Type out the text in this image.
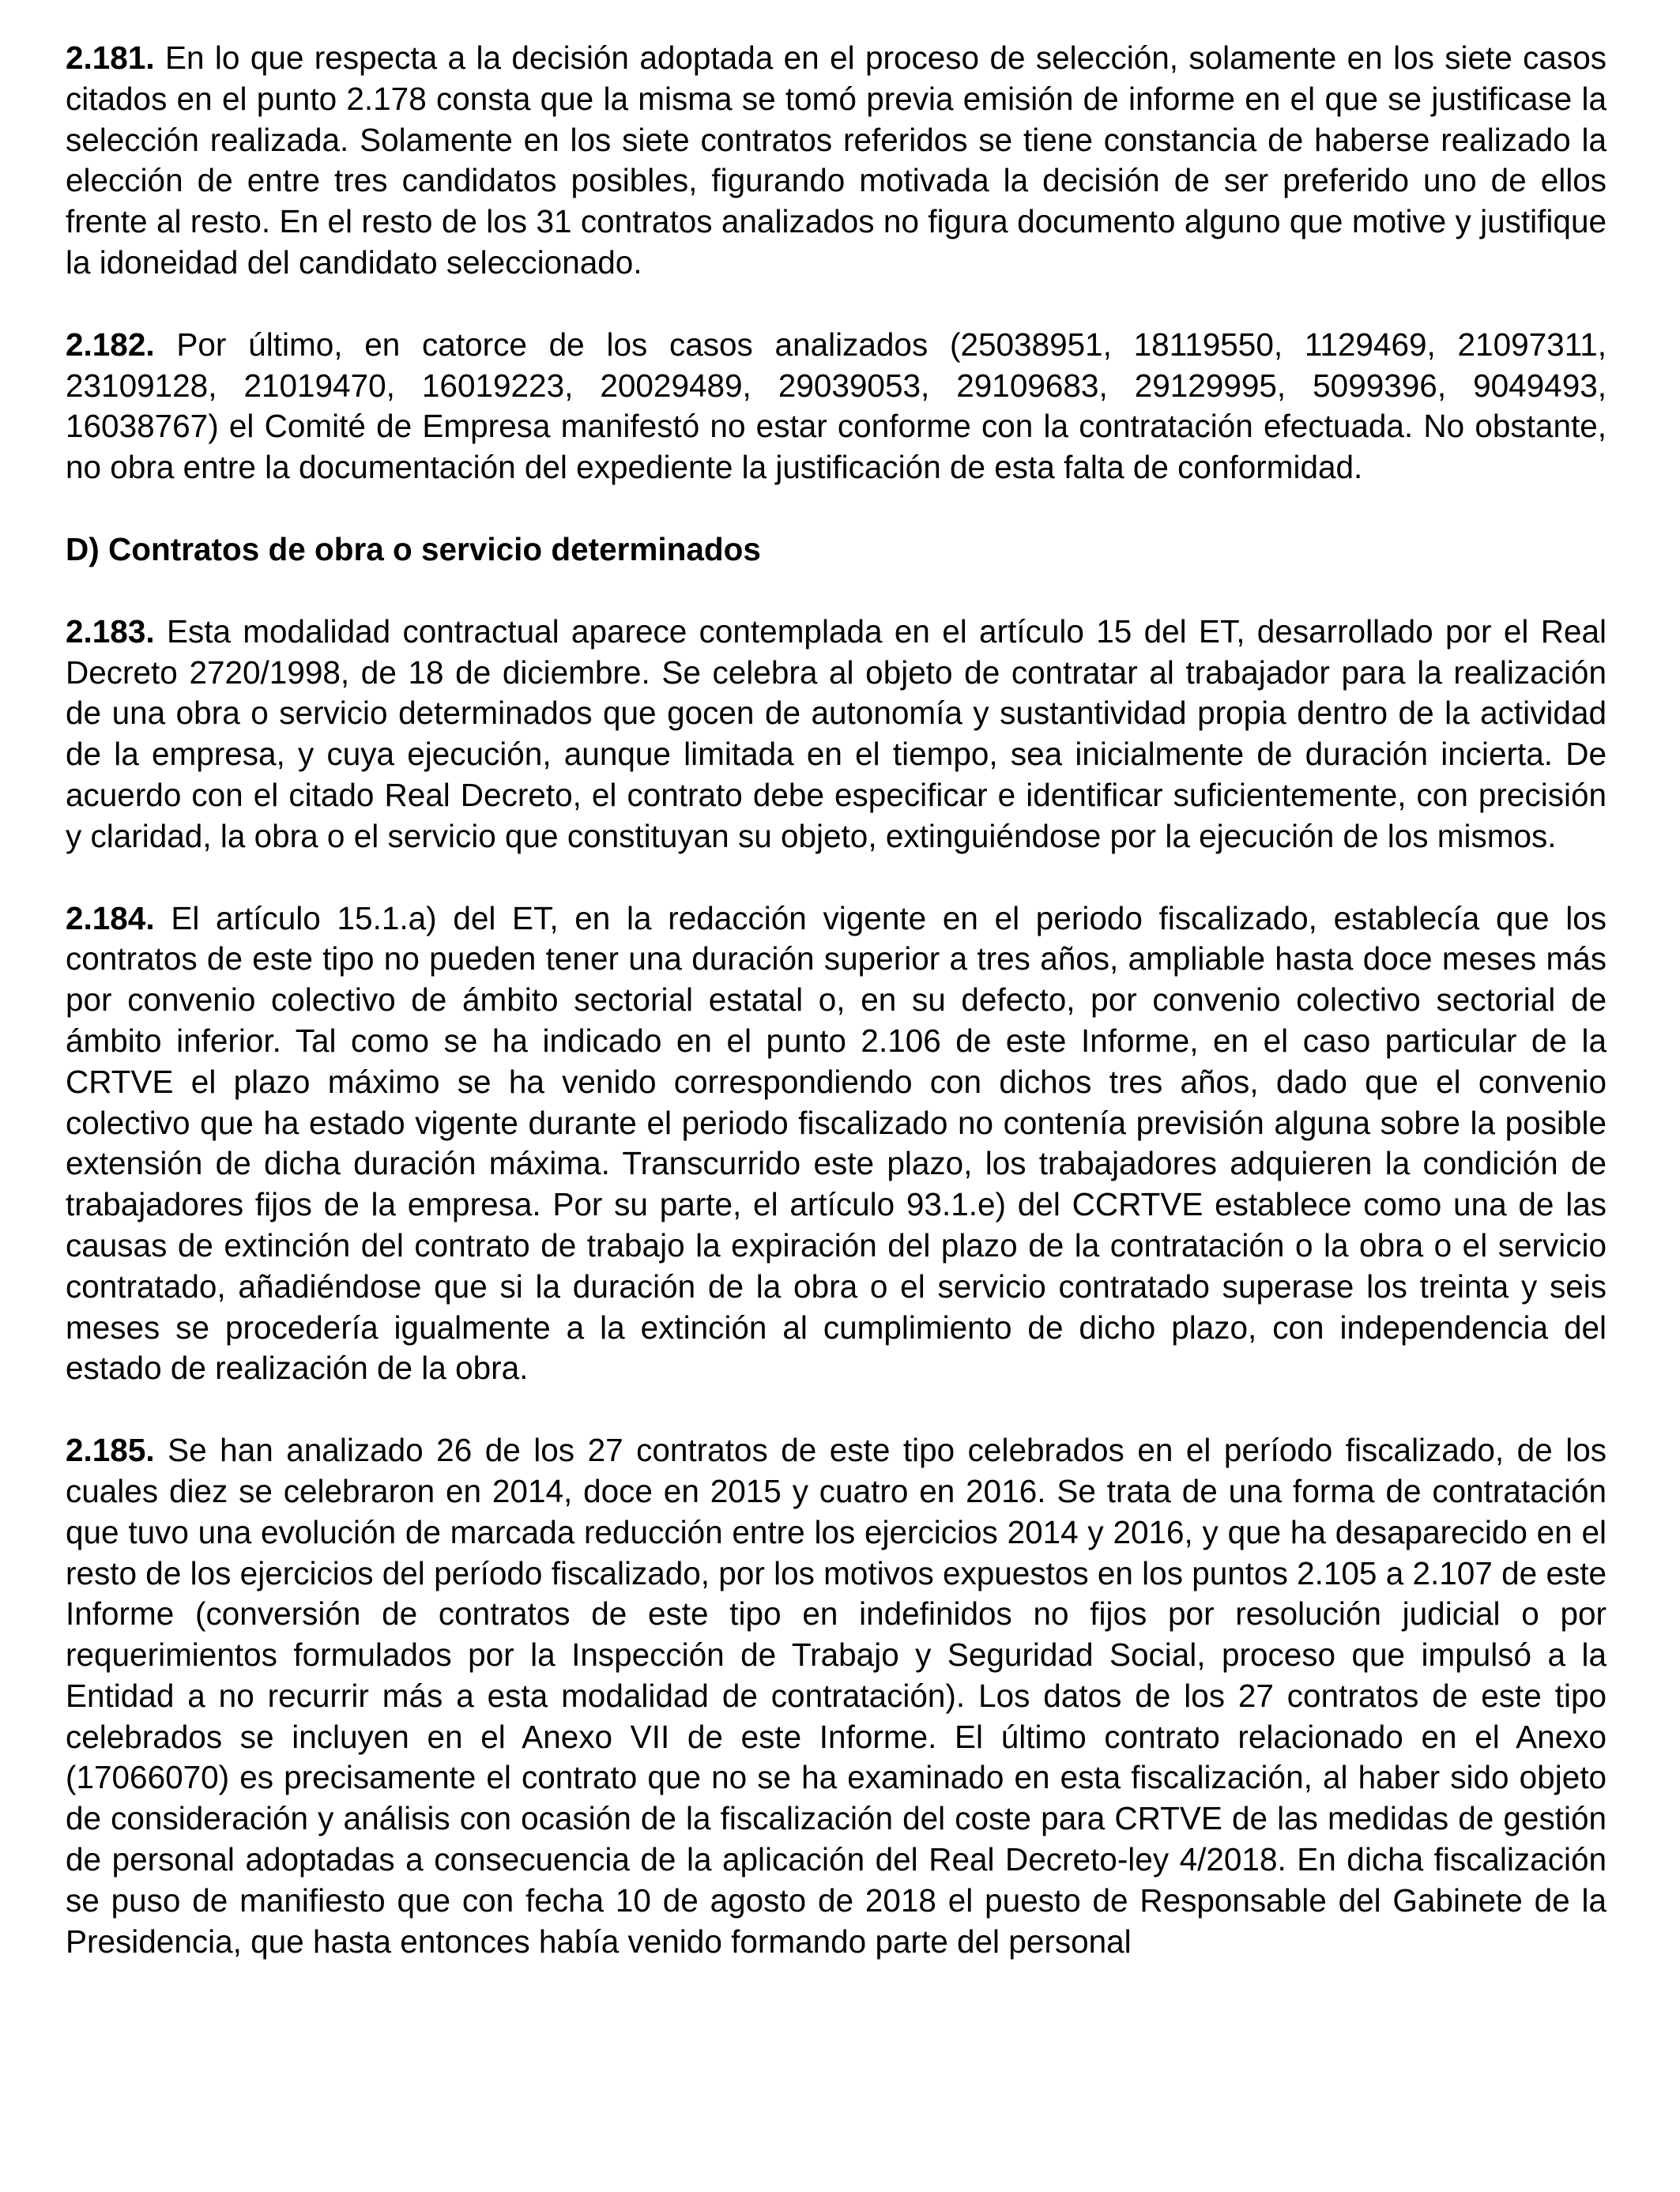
2.181. En lo que respecta a la decisión adoptada en el proceso de selección, solamente en los siete casos citados en el punto 2.178 consta que la misma se tomó previa emisión de informe en el que se justificase la selección realizada. Solamente en los siete contratos referidos se tiene constancia de haberse realizado la elección de entre tres candidatos posibles, figurando motivada la decisión de ser preferido uno de ellos frente al resto. En el resto de los 31 contratos analizados no figura documento alguno que motive y justifique la idoneidad del candidato seleccionado.

2.182. Por último, en catorce de los casos analizados (25038951, 18119550, 1129469, 21097311, 23109128, 21019470, 16019223, 20029489, 29039053, 29109683, 29129995, 5099396, 9049493, 16038767) el Comité de Empresa manifestó no estar conforme con la contratación efectuada. No obstante, no obra entre la documentación del expediente la justificación de esta falta de conformidad.

D) Contratos de obra o servicio determinados

2.183. Esta modalidad contractual aparece contemplada en el artículo 15 del ET, desarrollado por el Real Decreto 2720/1998, de 18 de diciembre. Se celebra al objeto de contratar al trabajador para la realización de una obra o servicio determinados que gocen de autonomía y sustantividad propia dentro de la actividad de la empresa, y cuya ejecución, aunque limitada en el tiempo, sea inicialmente de duración incierta. De acuerdo con el citado Real Decreto, el contrato debe especificar e identificar suficientemente, con precisión y claridad, la obra o el servicio que constituyan su objeto, extinguiéndose por la ejecución de los mismos.

2.184. El artículo 15.1.a) del ET, en la redacción vigente en el periodo fiscalizado, establecía que los contratos de este tipo no pueden tener una duración superior a tres años, ampliable hasta doce meses más por convenio colectivo de ámbito sectorial estatal o, en su defecto, por convenio colectivo sectorial de ámbito inferior. Tal como se ha indicado en el punto 2.106 de este Informe, en el caso particular de la CRTVE el plazo máximo se ha venido correspondiendo con dichos tres años, dado que el convenio colectivo que ha estado vigente durante el periodo fiscalizado no contenía previsión alguna sobre la posible extensión de dicha duración máxima. Transcurrido este plazo, los trabajadores adquieren la condición de trabajadores fijos de la empresa. Por su parte, el artículo 93.1.e) del CCRTVE establece como una de las causas de extinción del contrato de trabajo la expiración del plazo de la contratación o la obra o el servicio contratado, añadiéndose que si la duración de la obra o el servicio contratado superase los treinta y seis meses se procedería igualmente a la extinción al cumplimiento de dicho plazo, con independencia del estado de realización de la obra.

2.185. Se han analizado 26 de los 27 contratos de este tipo celebrados en el período fiscalizado, de los cuales diez se celebraron en 2014, doce en 2015 y cuatro en 2016. Se trata de una forma de contratación que tuvo una evolución de marcada reducción entre los ejercicios 2014 y 2016, y que ha desaparecido en el resto de los ejercicios del período fiscalizado, por los motivos expuestos en los puntos 2.105 a 2.107 de este Informe (conversión de contratos de este tipo en indefinidos no fijos por resolución judicial o por requerimientos formulados por la Inspección de Trabajo y Seguridad Social, proceso que impulsó a la Entidad a no recurrir más a esta modalidad de contratación). Los datos de los 27 contratos de este tipo celebrados se incluyen en el Anexo VII de este Informe. El último contrato relacionado en el Anexo (17066070) es precisamente el contrato que no se ha examinado en esta fiscalización, al haber sido objeto de consideración y análisis con ocasión de la fiscalización del coste para CRTVE de las medidas de gestión de personal adoptadas a consecuencia de la aplicación del Real Decreto-ley 4/2018. En dicha fiscalización se puso de manifiesto que con fecha 10 de agosto de 2018 el puesto de Responsable del Gabinete de la Presidencia, que hasta entonces había venido formando parte del personal
